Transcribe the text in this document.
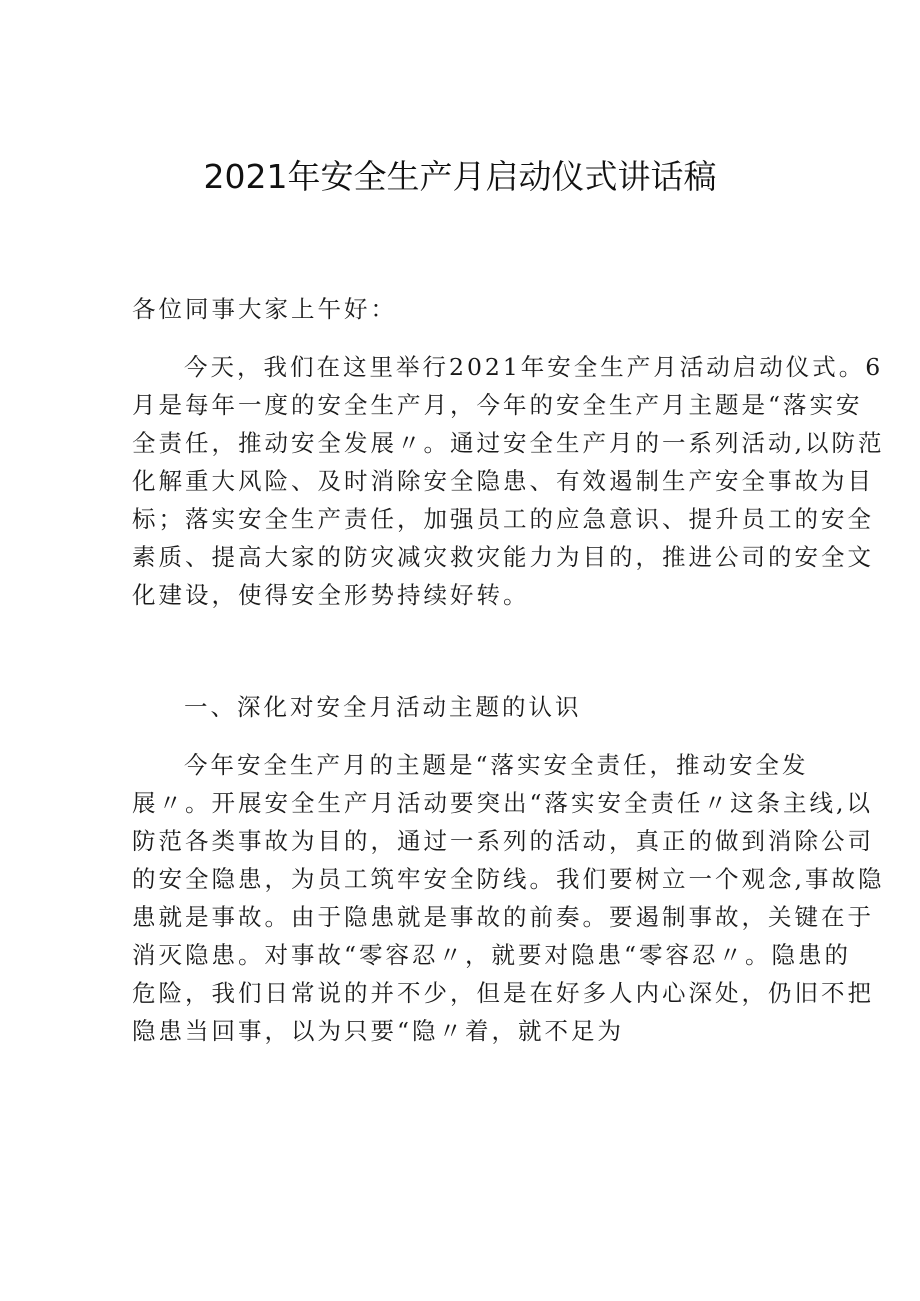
2021年安全生产月启动仪式讲话稿

各位同事大家上午好：

今天，我们在这里举行2021年安全生产月活动启动仪式。6
月是每年一度的安全生产月，今年的安全生产月主题是“落实安
全责任，推动安全发展〃。通过安全生产月的一系列活动,以防范
化解重大风险、及时消除安全隐患、有效遏制生产安全事故为目
标；落实安全生产责任，加强员工的应急意识、提升员工的安全
素质、提高大家的防灾减灾救灾能力为目的，推进公司的安全文
化建设，使得安全形势持续好转。

一、深化对安全月活动主题的认识

今年安全生产月的主题是“落实安全责任，推动安全发
展〃。开展安全生产月活动要突出“落实安全责任〃这条主线,以
防范各类事故为目的，通过一系列的活动，真正的做到消除公司
的安全隐患，为员工筑牢安全防线。我们要树立一个观念,事故隐
患就是事故。由于隐患就是事故的前奏。要遏制事故，关键在于
消灭隐患。对事故“零容忍〃，就要对隐患“零容忍〃。隐患的
危险，我们日常说的并不少，但是在好多人内心深处，仍旧不把
隐患当回事，以为只要“隐〃着，就不足为
